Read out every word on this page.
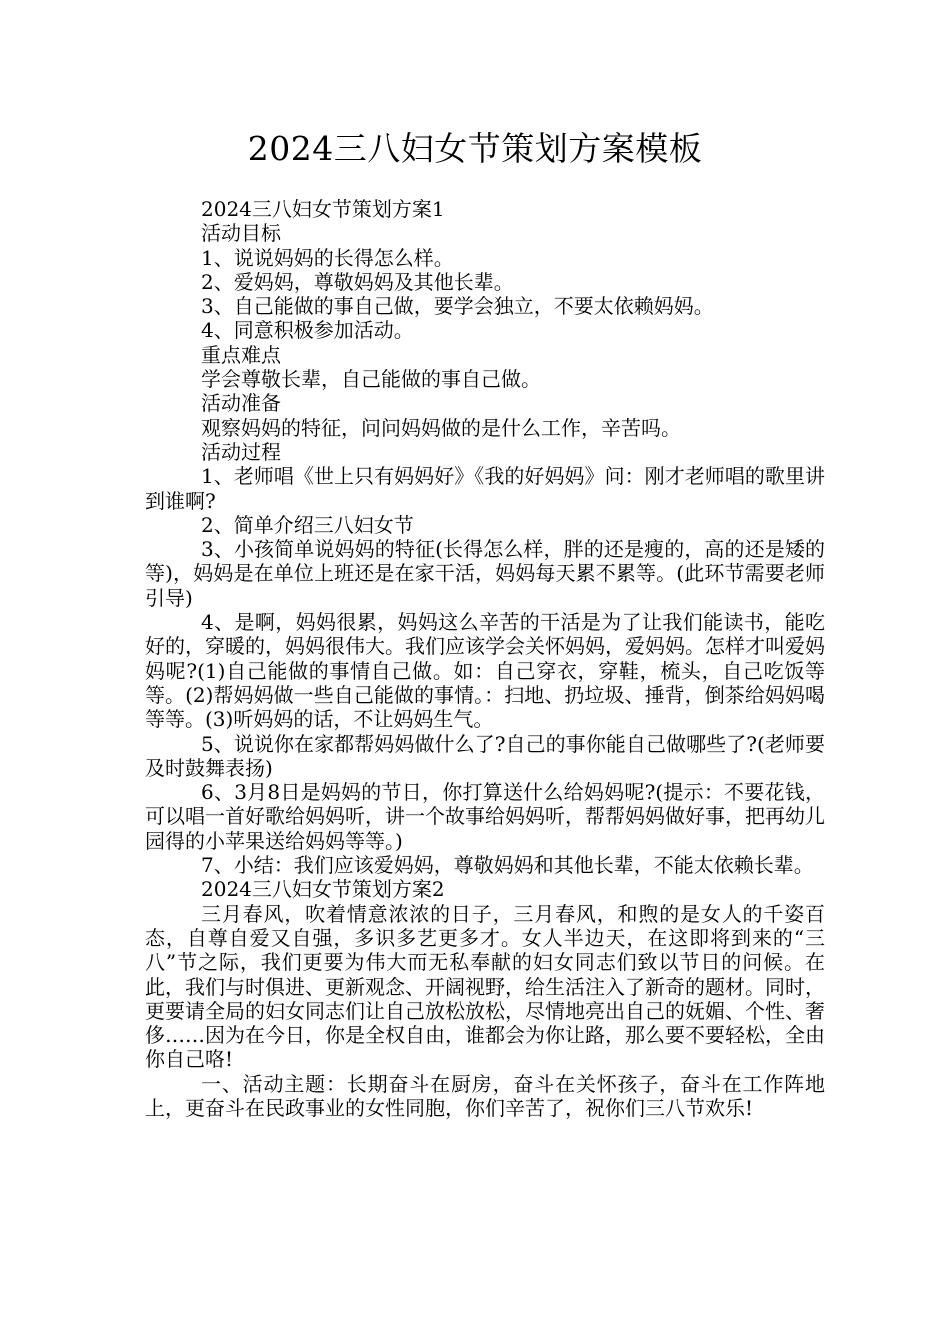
2024三八妇女节策划方案模板

2024三八妇女节策划方案1

活动目标

1、说说妈妈的长得怎么样。

2、爱妈妈，尊敬妈妈及其他长辈。

3、自己能做的事自己做，要学会独立，不要太依赖妈妈。

4、同意积极参加活动。

重点难点

学会尊敬长辈，自己能做的事自己做。

活动准备

观察妈妈的特征，问问妈妈做的是什么工作，辛苦吗。

活动过程

1、老师唱《世上只有妈妈好》《我的好妈妈》问：刚才老师唱的歌里讲到谁啊?

2、简单介绍三八妇女节

3、小孩简单说妈妈的特征(长得怎么样，胖的还是瘦的，高的还是矮的等)，妈妈是在单位上班还是在家干活，妈妈每天累不累等。(此环节需要老师引导)

4、是啊，妈妈很累，妈妈这么辛苦的干活是为了让我们能读书，能吃好的，穿暖的，妈妈很伟大。我们应该学会关怀妈妈，爱妈妈。怎样才叫爱妈妈呢?(1)自己能做的事情自己做。如：自己穿衣，穿鞋，梳头，自己吃饭等等。(2)帮妈妈做一些自己能做的事情。：扫地、扔垃圾、捶背，倒茶给妈妈喝等等。(3)听妈妈的话，不让妈妈生气。

5、说说你在家都帮妈妈做什么了?自己的事你能自己做哪些了?(老师要及时鼓舞表扬)

6、3月8日是妈妈的节日，你打算送什么给妈妈呢?(提示：不要花钱，可以唱一首好歌给妈妈听，讲一个故事给妈妈听，帮帮妈妈做好事，把再幼儿园得的小苹果送给妈妈等等。)

7、小结：我们应该爱妈妈，尊敬妈妈和其他长辈，不能太依赖长辈。

2024三八妇女节策划方案2

三月春风，吹着情意浓浓的日子，三月春风，和煦的是女人的千姿百态，自尊自爱又自强，多识多艺更多才。女人半边天，在这即将到来的“三八”节之际，我们更要为伟大而无私奉献的妇女同志们致以节日的问候。在此，我们与时俱进、更新观念、开阔视野，给生活注入了新奇的题材。同时，更要请全局的妇女同志们让自己放松放松，尽情地亮出自己的妩媚、个性、奢侈……因为在今日，你是全权自由，谁都会为你让路，那么要不要轻松，全由你自己咯!

一、活动主题：长期奋斗在厨房，奋斗在关怀孩子，奋斗在工作阵地上，更奋斗在民政事业的女性同胞，你们辛苦了，祝你们三八节欢乐!
